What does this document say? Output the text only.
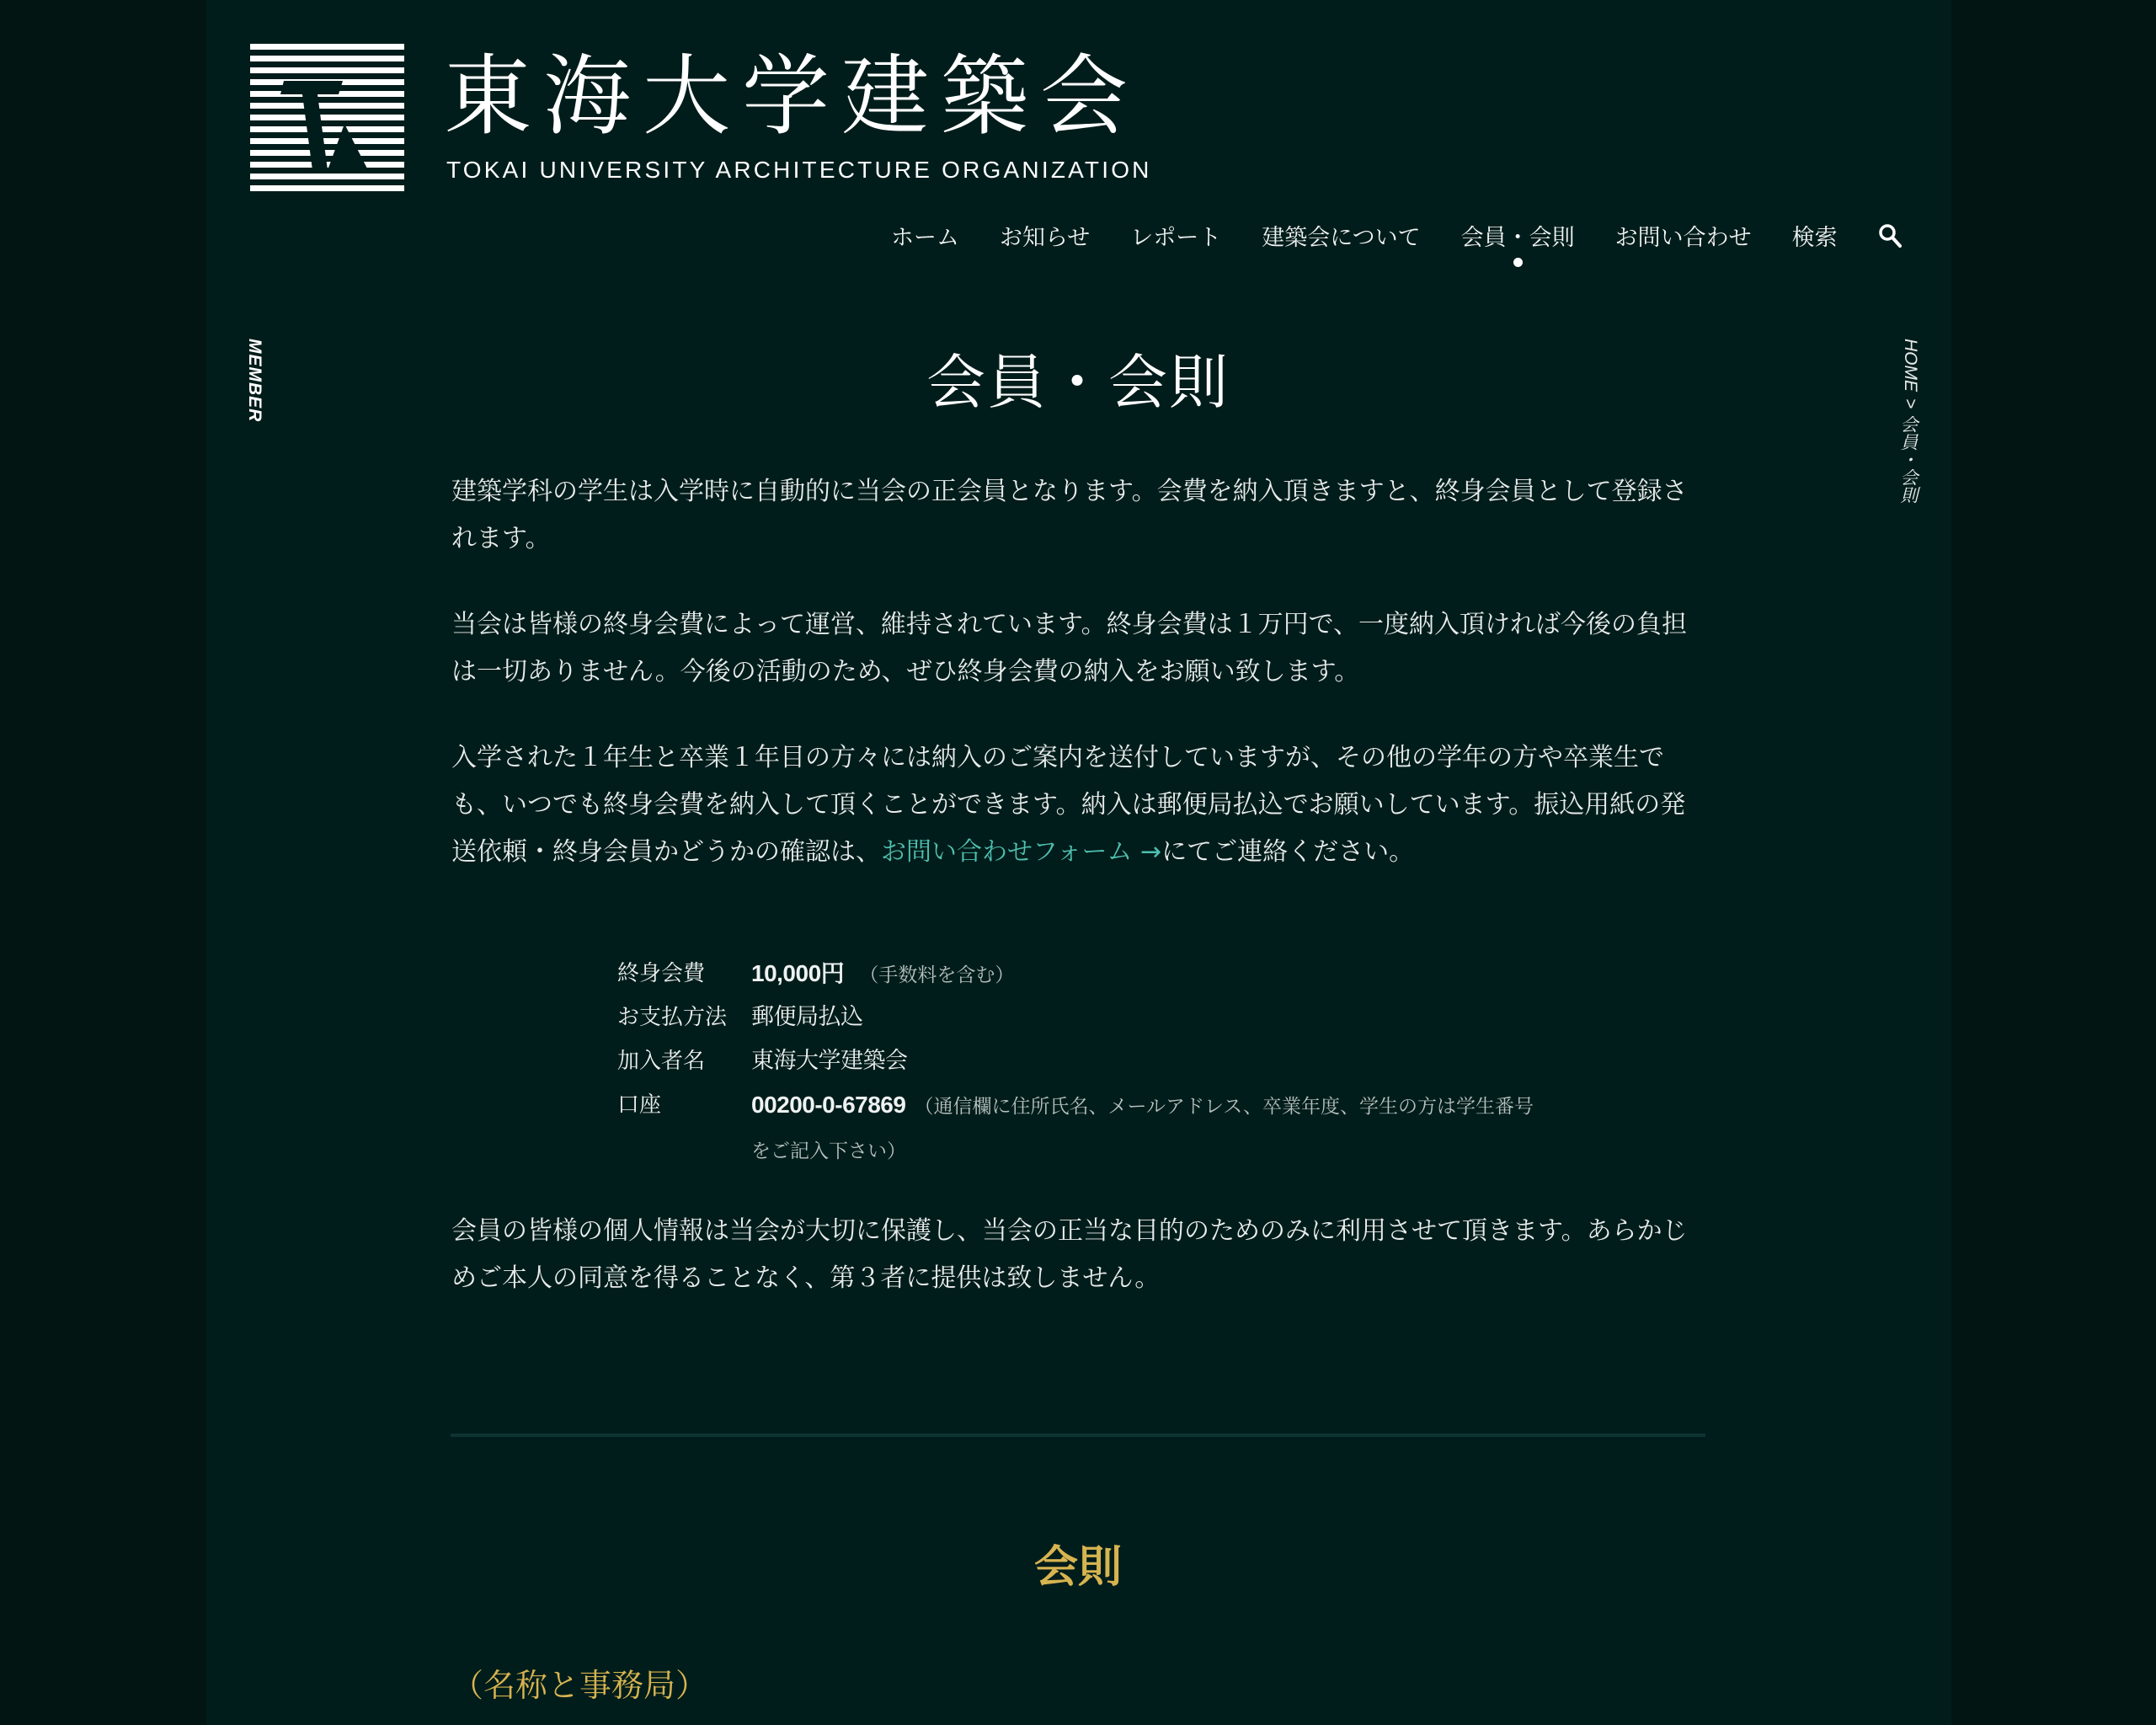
東海大学建築会
TOKAI UNIVERSITY ARCHITECTURE ORGANIZATION
ホーム お知らせ レポート 建築会について 会員・会則 お問い合わせ 検索
MEMBER	HOME
>
会員・会則
会員・会則

建築学科の学生は入学時に自動的に当会の正会員となります。会費を納入頂きますと、終身会員として登録されます。

当会は皆様の終身会費によって運営、維持されています。終身会費は１万円で、一度納入頂ければ今後の負担は一切ありません。今後の活動のため、ぜひ終身会費の納入をお願い致します。

入学された１年生と卒業１年目の方々には納入のご案内を送付していますが、その他の学年の方や卒業生でも、いつでも終身会費を納入して頂くことができます。納入は郵便局払込でお願いしています。振込用紙の発送依頼・終身会員かどうかの確認は、お問い合わせフォーム →にてご連絡ください。

終身会費	10,000円 （手数料を含む）
お支払方法	郵便局払込
加入者名	東海大学建築会
口座	00200-0-67869 （通信欄に住所氏名、メールアドレス、卒業年度、学生の方は学生番号をご記入下さい）

会員の皆様の個人情報は当会が大切に保護し、当会の正当な目的のためのみに利用させて頂きます。あらかじめご本人の同意を得ることなく、第３者に提供は致しません。

会則
（名称と事務局）
